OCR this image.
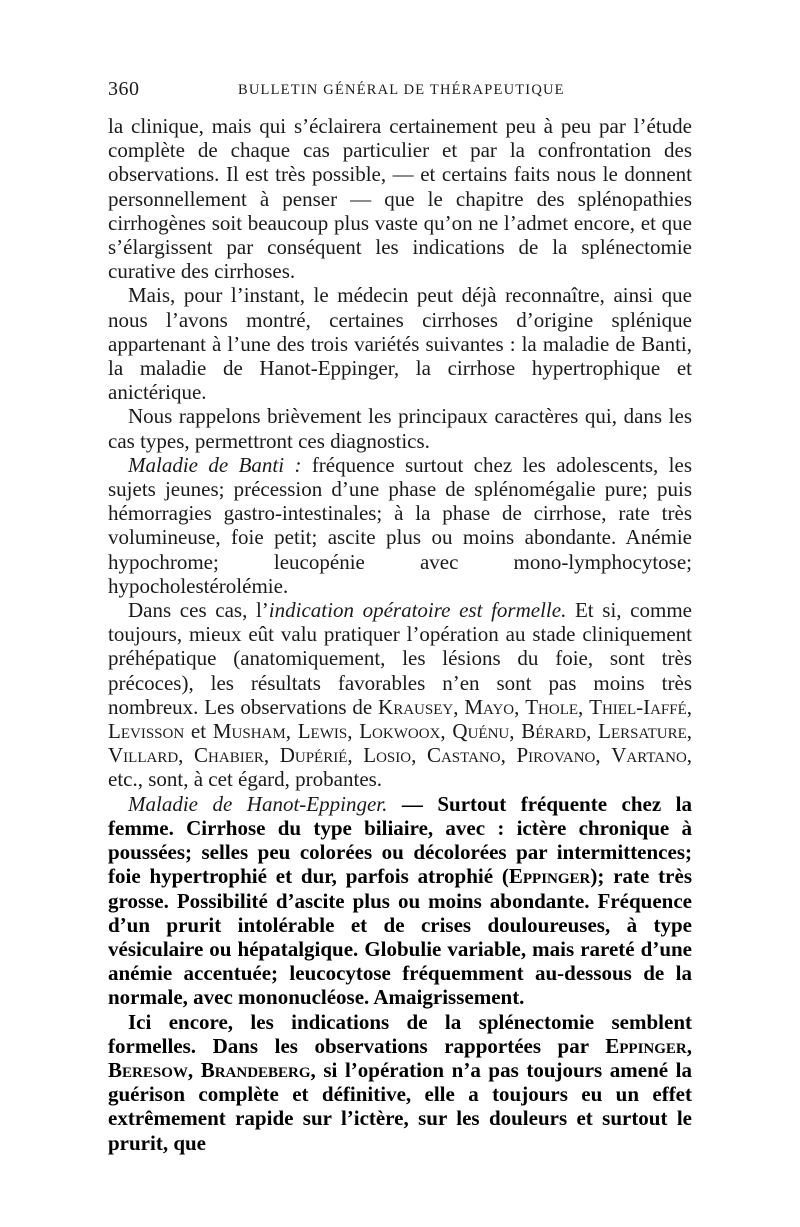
360	BULLETIN GÉNÉRAL DE THÉRAPEUTIQUE

la clinique, mais qui s’éclairera certainement peu à peu par l’étude complète de chaque cas particulier et par la confrontation des observations. Il est très possible, — et certains faits nous le donnent personnellement à penser — que le chapitre des splénopathies cirrhogènes soit beaucoup plus vaste qu’on ne l’admet encore, et que s’élargissent par conséquent les indications de la splénectomie curative des cirrhoses.

Mais, pour l’instant, le médecin peut déjà reconnaître, ainsi que nous l’avons montré, certaines cirrhoses d’origine splénique appartenant à l’une des trois variétés suivantes : la maladie de Banti, la maladie de Hanot-Eppinger, la cirrhose hypertrophique et anictérique.

Nous rappelons brièvement les principaux caractères qui, dans les cas types, permettront ces diagnostics.

Maladie de Banti : fréquence surtout chez les adolescents, les sujets jeunes; précession d’une phase de splénomégalie pure; puis hémorragies gastro-intestinales; à la phase de cirrhose, rate très volumineuse, foie petit; ascite plus ou moins abondante. Anémie hypochrome; leucopénie avec mono-lymphocytose; hypocholestérolémie.

Dans ces cas, l’indication opératoire est formelle. Et si, comme toujours, mieux eût valu pratiquer l’opération au stade cliniquement préhépatique (anatomiquement, les lésions du foie, sont très précoces), les résultats favorables n’en sont pas moins très nombreux. Les observations de Krausey, Mayo, Thole, Thiel-Iaffé, Levisson et Musham, Lewis, Lokwoox, Quénu, Bérard, Lersature, Villard, Chabier, Dupérié, Losio, Castano, Pirovano, Vartano, etc., sont, à cet égard, probantes.

Maladie de Hanot-Eppinger. — Surtout fréquente chez la femme. Cirrhose du type biliaire, avec : ictère chronique à poussées; selles peu colorées ou décolorées par intermittences; foie hypertrophié et dur, parfois atrophié (Eppinger); rate très grosse. Possibilité d’ascite plus ou moins abondante. Fréquence d’un prurit intolérable et de crises douloureuses, à type vésiculaire ou hépatalgique. Globulie variable, mais rareté d’une anémie accentuée; leucocytose fréquemment au-dessous de la normale, avec mononucléose. Amaigrissement.

Ici encore, les indications de la splénectomie semblent formelles. Dans les observations rapportées par Eppinger, Beresow, Brandeberg, si l’opération n’a pas toujours amené la guérison complète et définitive, elle a toujours eu un effet extrêmement rapide sur l’ictère, sur les douleurs et surtout le prurit, que
